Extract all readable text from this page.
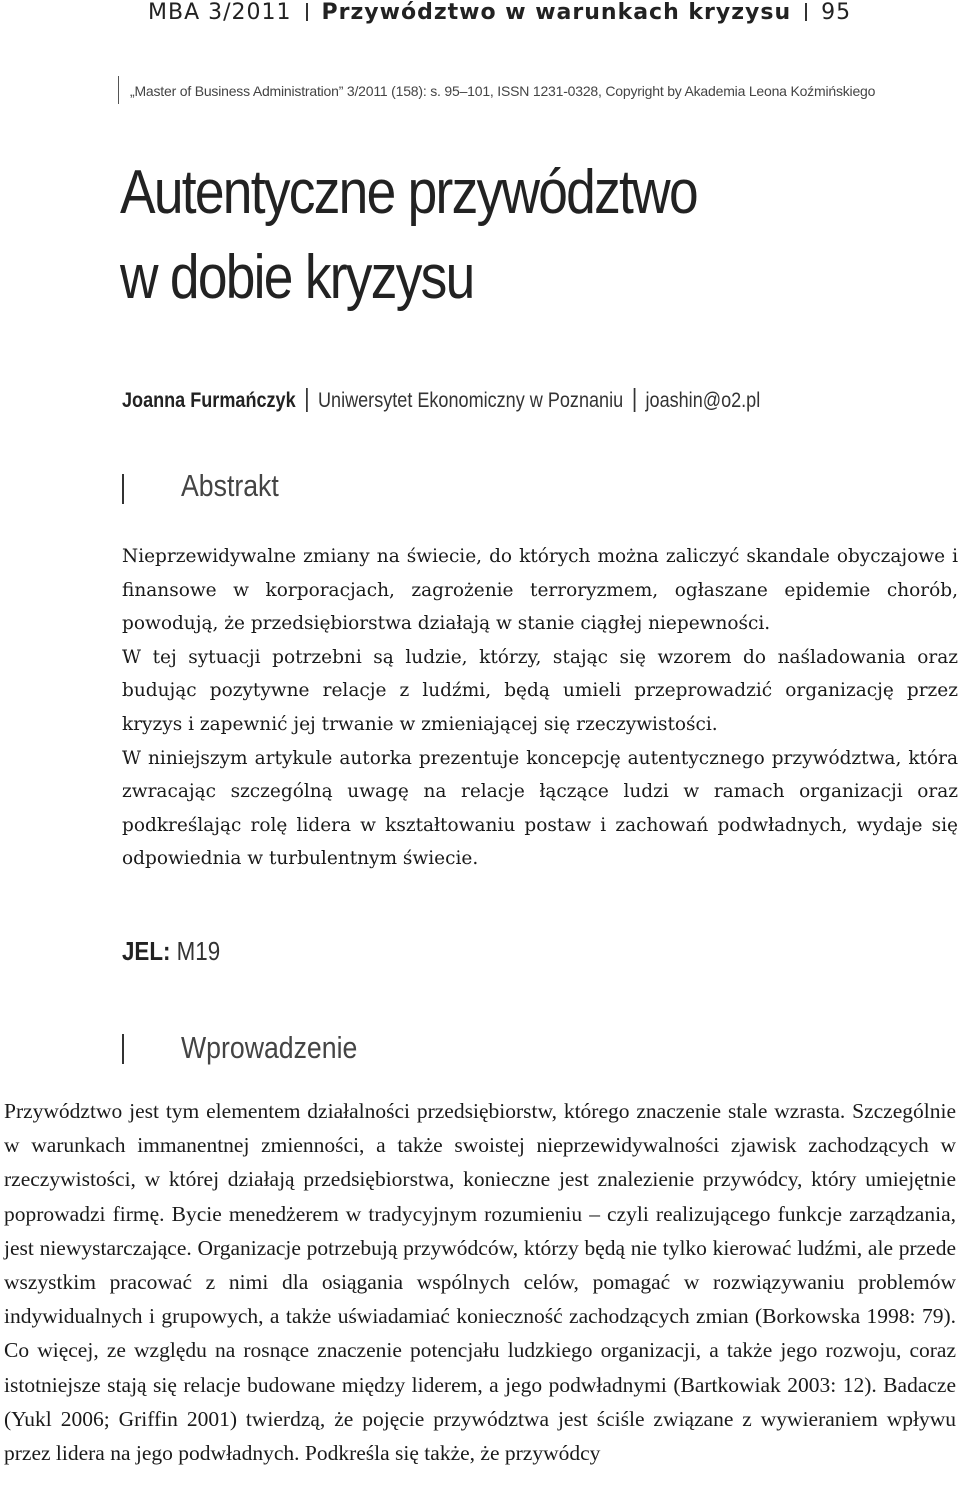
MBA 3/2011 Przywództwo w warunkach kryzysu 95
„Master of Business Administration” 3/2011 (158): s. 95–101, ISSN 1231-0328, Copyright by Akademia Leona Koźmińskiego
Autentyczne przywództwo
w dobie kryzysu
Joanna Furmańczyk Uniwersytet Ekonomiczny w Poznaniu joashin@o2.pl
Abstrakt

Nieprzewidywalne zmiany na świecie, do których można zaliczyć skandale obyczajowe i finansowe w korporacjach, zagrożenie terroryzmem, ogłaszane epidemie chorób, powodują, że przedsiębiorstwa działają w stanie ciągłej niepewności.

W tej sytuacji potrzebni są ludzie, którzy, stając się wzorem do naśladowania oraz budując pozytywne relacje z ludźmi, będą umieli przeprowadzić organizację przez kryzys i zapewnić jej trwanie w zmieniającej się rzeczywistości.

W niniejszym artykule autorka prezentuje koncepcję autentycznego przywództwa, która zwracając szczególną uwagę na relacje łączące ludzi w ramach organizacji oraz podkreślając rolę lidera w kształtowaniu postaw i zachowań podwładnych, wydaje się odpowiednia w turbulentnym świecie.

JEL: M19
Wprowadzenie

Przywództwo jest tym elementem działalności przedsiębiorstw, którego znaczenie stale wzrasta. Szczególnie w warunkach immanentnej zmienności, a także swoistej nieprzewidywalności zjawisk zachodzących w rzeczywistości, w której działają przedsiębiorstwa, konieczne jest znalezienie przywódcy, który umiejętnie poprowadzi firmę. Bycie menedżerem w tradycyjnym rozumieniu – czyli realizującego funkcje zarządzania, jest niewystarczające. Organizacje potrzebują przywódców, którzy będą nie tylko kierować ludźmi, ale przede wszystkim pracować z nimi dla osiągania wspólnych celów, pomagać w rozwiązywaniu problemów indywidualnych i grupowych, a także uświadamiać konieczność zachodzących zmian (Borkowska 1998: 79). Co więcej, ze względu na rosnące znaczenie potencjału ludzkiego organizacji, a także jego rozwoju, coraz istotniejsze stają się relacje budowane między liderem, a jego podwładnymi (Bartkowiak 2003: 12). Badacze (Yukl 2006; Griffin 2001) twierdzą, że pojęcie przywództwa jest ściśle związane z wywieraniem wpływu przez lidera na jego podwładnych. Podkreśla się także, że przywódcy
